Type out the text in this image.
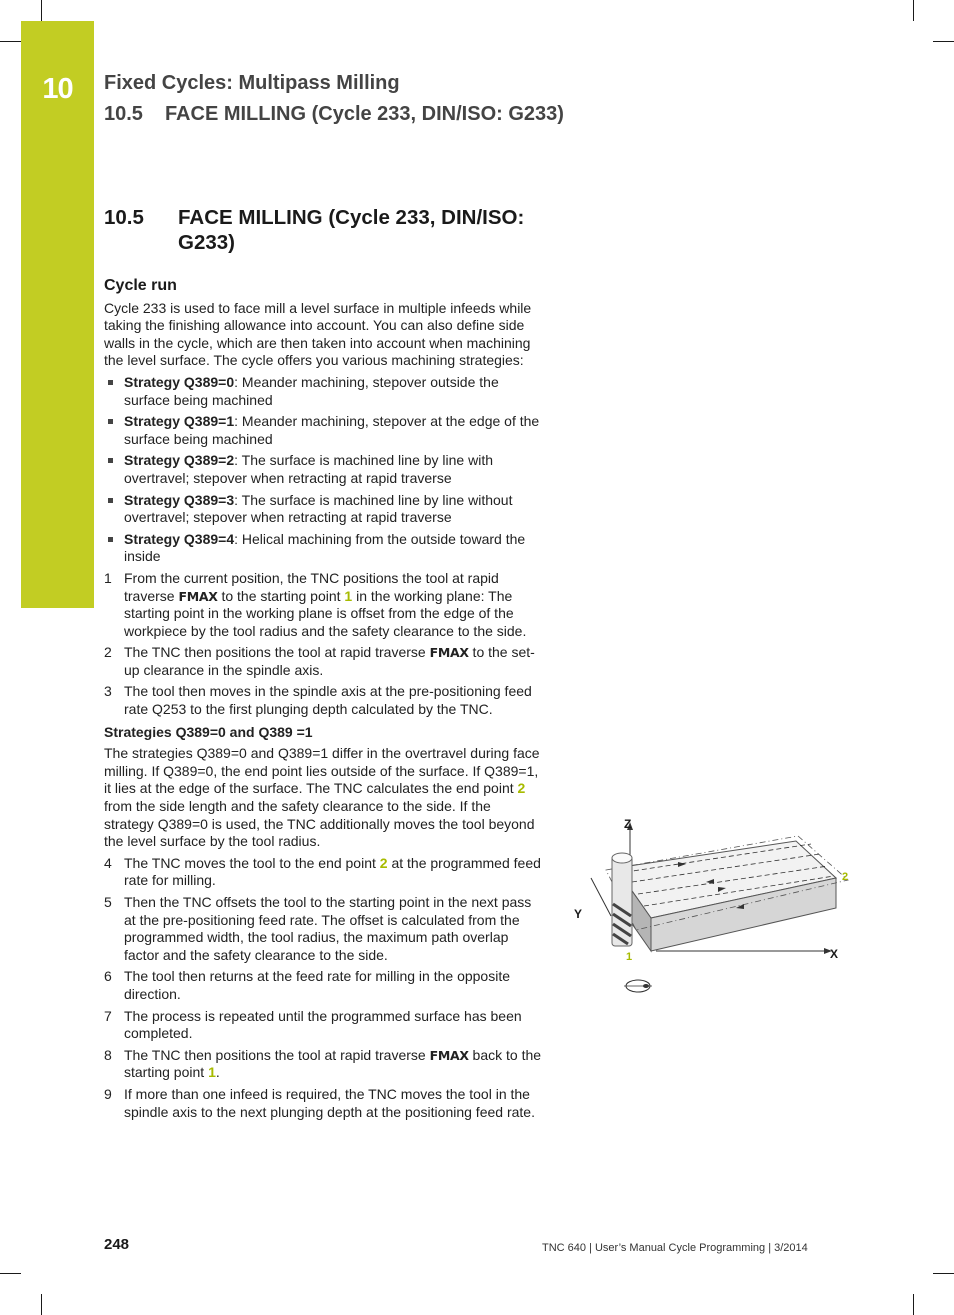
10	Fixed Cycles: Multipass Milling
10.5 FACE MILLING (Cycle 233, DIN/ISO: G233)
10.5 FACE MILLING (Cycle 233, DIN/ISO: G233)
Cycle run

Cycle 233 is used to face mill a level surface in multiple infeeds while taking the finishing allowance into account. You can also define side walls in the cycle, which are then taken into account when machining the level surface. The cycle offers you various machining strategies:

Strategy Q389=0: Meander machining, stepover outside the surface being machined
Strategy Q389=1: Meander machining, stepover at the edge of the surface being machined
Strategy Q389=2: The surface is machined line by line with overtravel; stepover when retracting at rapid traverse
Strategy Q389=3: The surface is machined line by line without overtravel; stepover when retracting at rapid traverse
Strategy Q389=4: Helical machining from the outside toward the inside
1 From the current position, the TNC positions the tool at rapid traverse FMAX to the starting point 1 in the working plane: The starting point in the working plane is offset from the edge of the workpiece by the tool radius and the safety clearance to the side.
2 The TNC then positions the tool at rapid traverse FMAX to the set-up clearance in the spindle axis.
3 The tool then moves in the spindle axis at the pre-positioning feed rate Q253 to the first plunging depth calculated by the TNC.
Strategies Q389=0 and Q389 =1

The strategies Q389=0 and Q389=1 differ in the overtravel during face milling. If Q389=0, the end point lies outside of the surface. If Q389=1, it lies at the edge of the surface. The TNC calculates the end point 2 from the side length and the safety clearance to the side. If the strategy Q389=0 is used, the TNC additionally moves the tool beyond the level surface by the tool radius.

4 The TNC moves the tool to the end point 2 at the programmed feed rate for milling.
5 Then the TNC offsets the tool to the starting point in the next pass at the pre-positioning feed rate. The offset is calculated from the programmed width, the tool radius, the maximum path overlap factor and the safety clearance to the side.
6 The tool then returns at the feed rate for milling in the opposite direction.
7 The process is repeated until the programmed surface has been completed.
8 The TNC then positions the tool at rapid traverse FMAX back to the starting point 1.
9 If more than one infeed is required, the TNC moves the tool in the spindle axis to the next plunging depth at the positioning feed rate.
Z
Y
X
1
2
248	TNC 640 | User’s Manual Cycle Programming | 3/2014
